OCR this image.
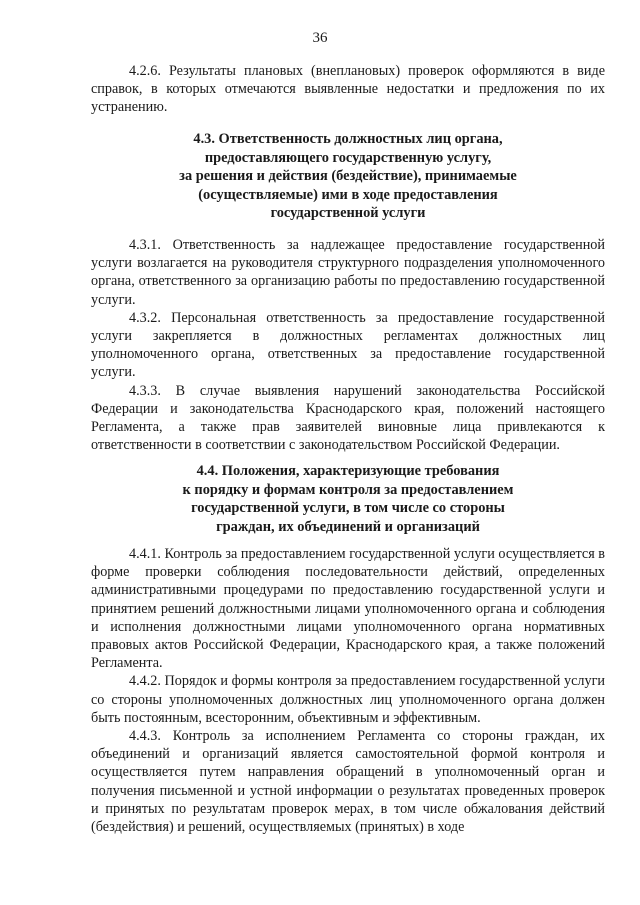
36

4.2.6. Результаты плановых (внеплановых) проверок оформляются в виде справок, в которых отмечаются выявленные недостатки и предложения по их устранению.

4.3. Ответственность должностных лиц органа,
предоставляющего государственную услугу,
за решения и действия (бездействие), принимаемые
(осуществляемые) ими в ходе предоставления
государственной услуги

4.3.1. Ответственность за надлежащее предоставление государственной услуги возлагается на руководителя структурного подразделения уполномоченного органа, ответственного за организацию работы по предоставлению государственной услуги.

4.3.2. Персональная ответственность за предоставление государственной услуги закрепляется в должностных регламентах должностных лиц уполномоченного органа, ответственных за предоставление государственной услуги.

4.3.3. В случае выявления нарушений законодательства Российской Федерации и законодательства Краснодарского края, положений настоящего Регламента, а также прав заявителей виновные лица привлекаются к ответственности в соответствии с законодательством Российской Федерации.

4.4. Положения, характеризующие требования
к порядку и формам контроля за предоставлением
государственной услуги, в том числе со стороны
граждан, их объединений и организаций

4.4.1. Контроль за предоставлением государственной услуги осуществляется в форме проверки соблюдения последовательности действий, определенных административными процедурами по предоставлению государственной услуги и принятием решений должностными лицами уполномоченного органа и соблюдения и исполнения должностными лицами уполномоченного органа нормативных правовых актов Российской Федерации, Краснодарского края, а также положений Регламента.

4.4.2. Порядок и формы контроля за предоставлением государственной услуги со стороны уполномоченных должностных лиц уполномоченного органа должен быть постоянным, всесторонним, объективным и эффективным.

4.4.3. Контроль за исполнением Регламента со стороны граждан, их объединений и организаций является самостоятельной формой контроля и осуществляется путем направления обращений в уполномоченный орган и получения письменной и устной информации о результатах проведенных проверок и принятых по результатам проверок мерах, в том числе обжалования действий (бездействия) и решений, осуществляемых (принятых) в ходе
